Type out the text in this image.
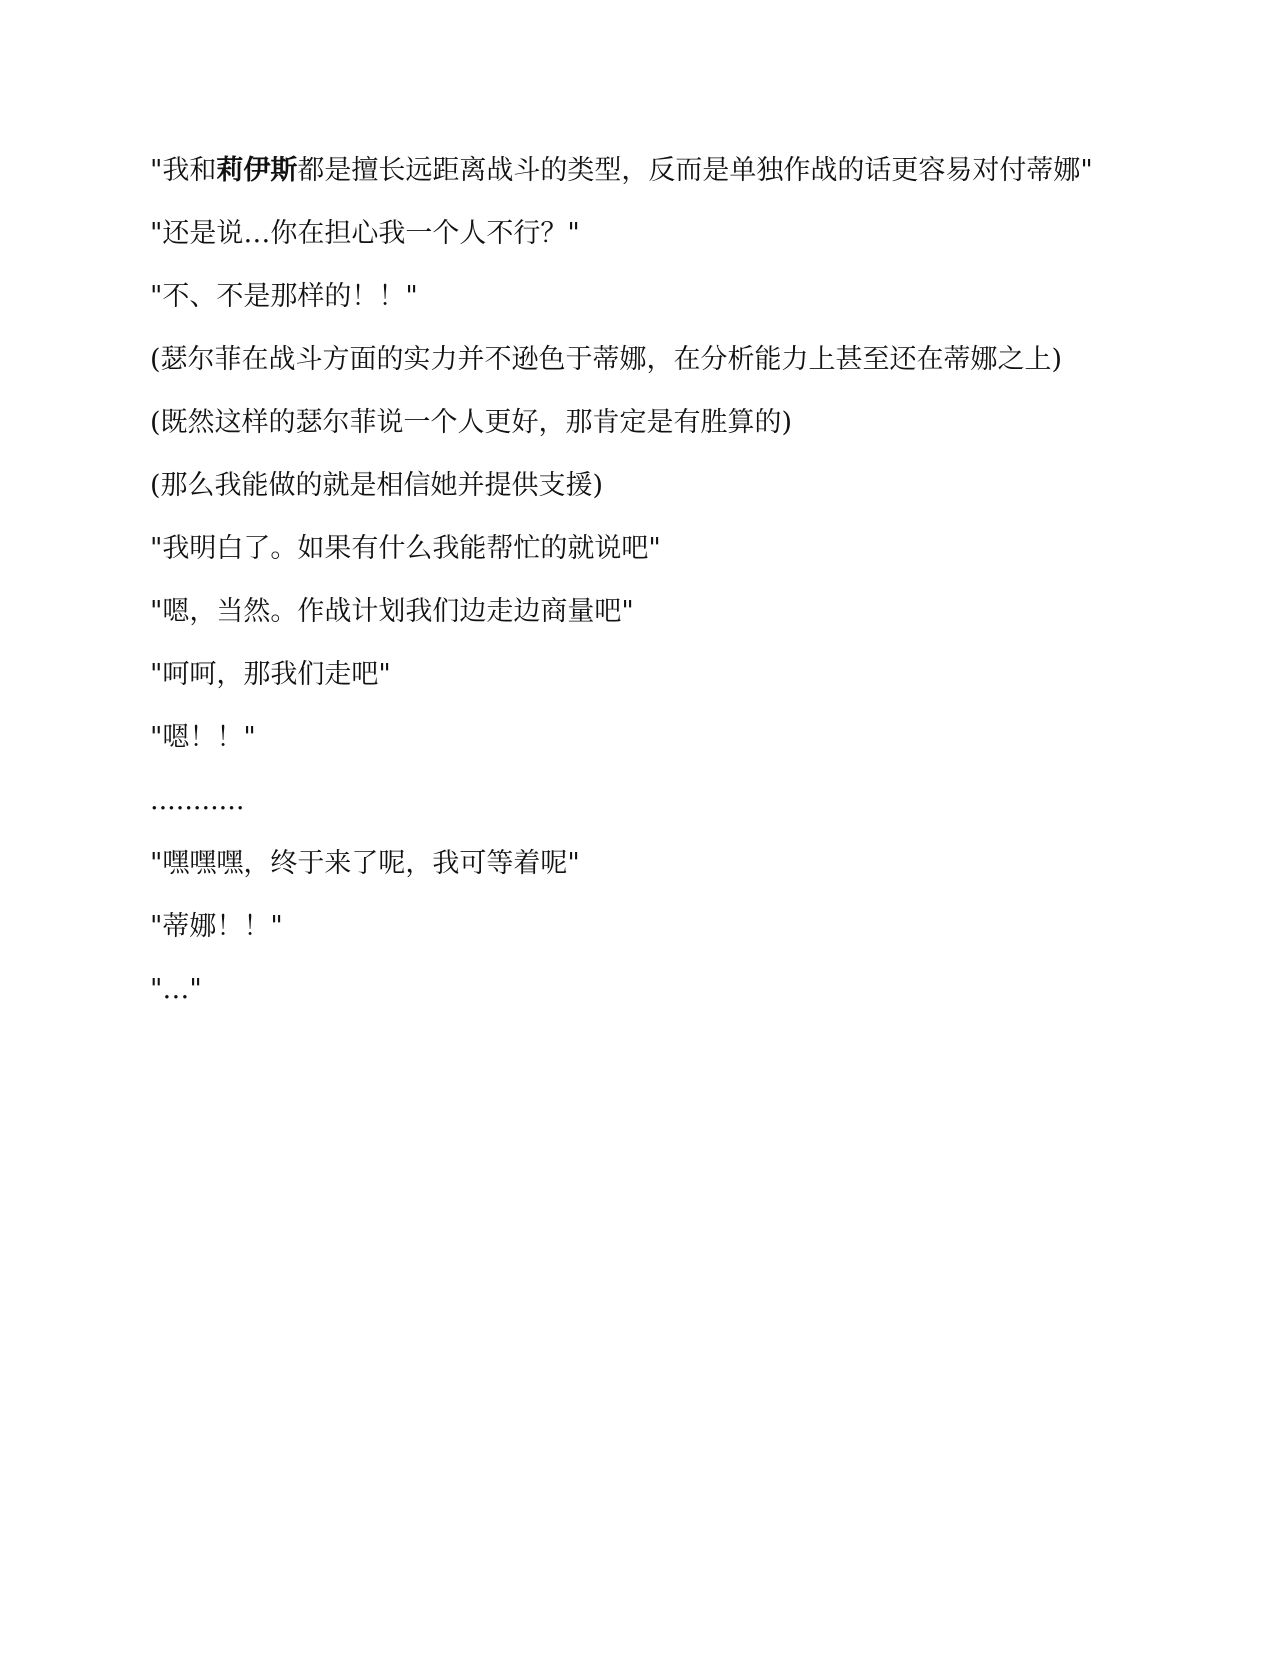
"我和莉伊斯都是擅长远距离战斗的类型，反而是单独作战的话更容易对付蒂娜"

"还是说…你在担心我一个人不行？"

"不、不是那样的！！"

(瑟尔菲在战斗方面的实力并不逊色于蒂娜，在分析能力上甚至还在蒂娜之上)

(既然这样的瑟尔菲说一个人更好，那肯定是有胜算的)

(那么我能做的就是相信她并提供支援)

"我明白了。如果有什么我能帮忙的就说吧"

"嗯，当然。作战计划我们边走边商量吧"

"呵呵，那我们走吧"

"嗯！！"

...........

"嘿嘿嘿，终于来了呢，我可等着呢"

"蒂娜！！"

"…"
